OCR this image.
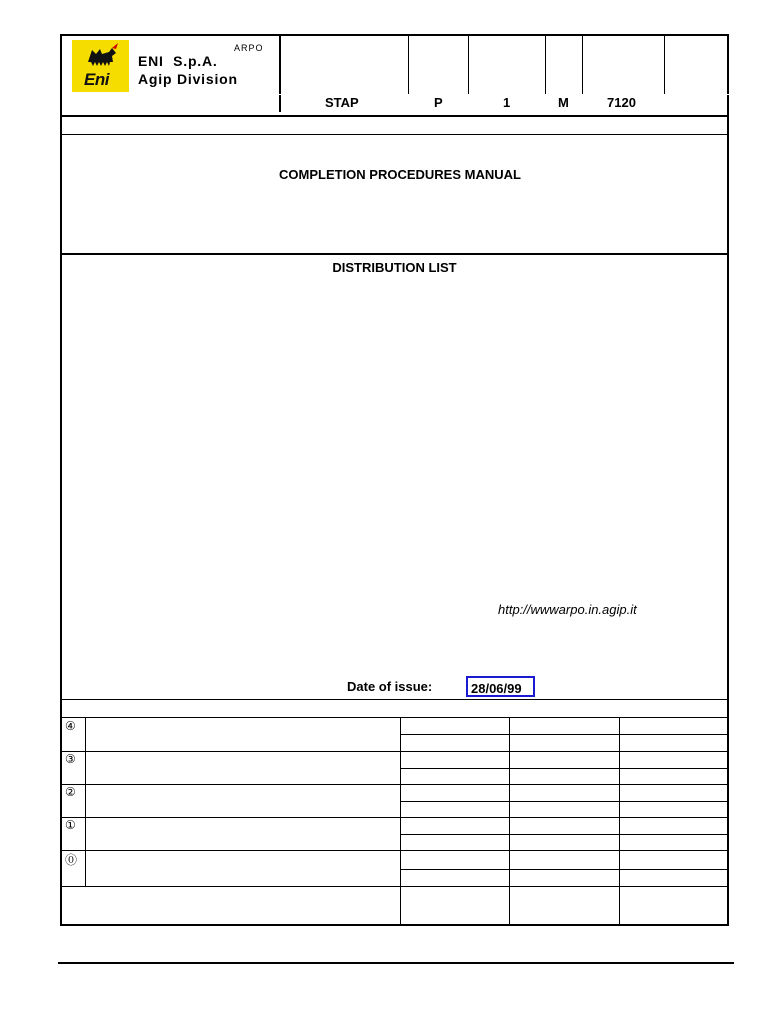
Eni
ENI  S.p.A.
Agip Division
ARPO
STAP	P	1	M	7120
COMPLETION PROCEDURES MANUAL
DISTRIBUTION LIST
http://wwwarpo.in.agip.it
Date of issue:	28/06/99
④
③
②
①
⓪
